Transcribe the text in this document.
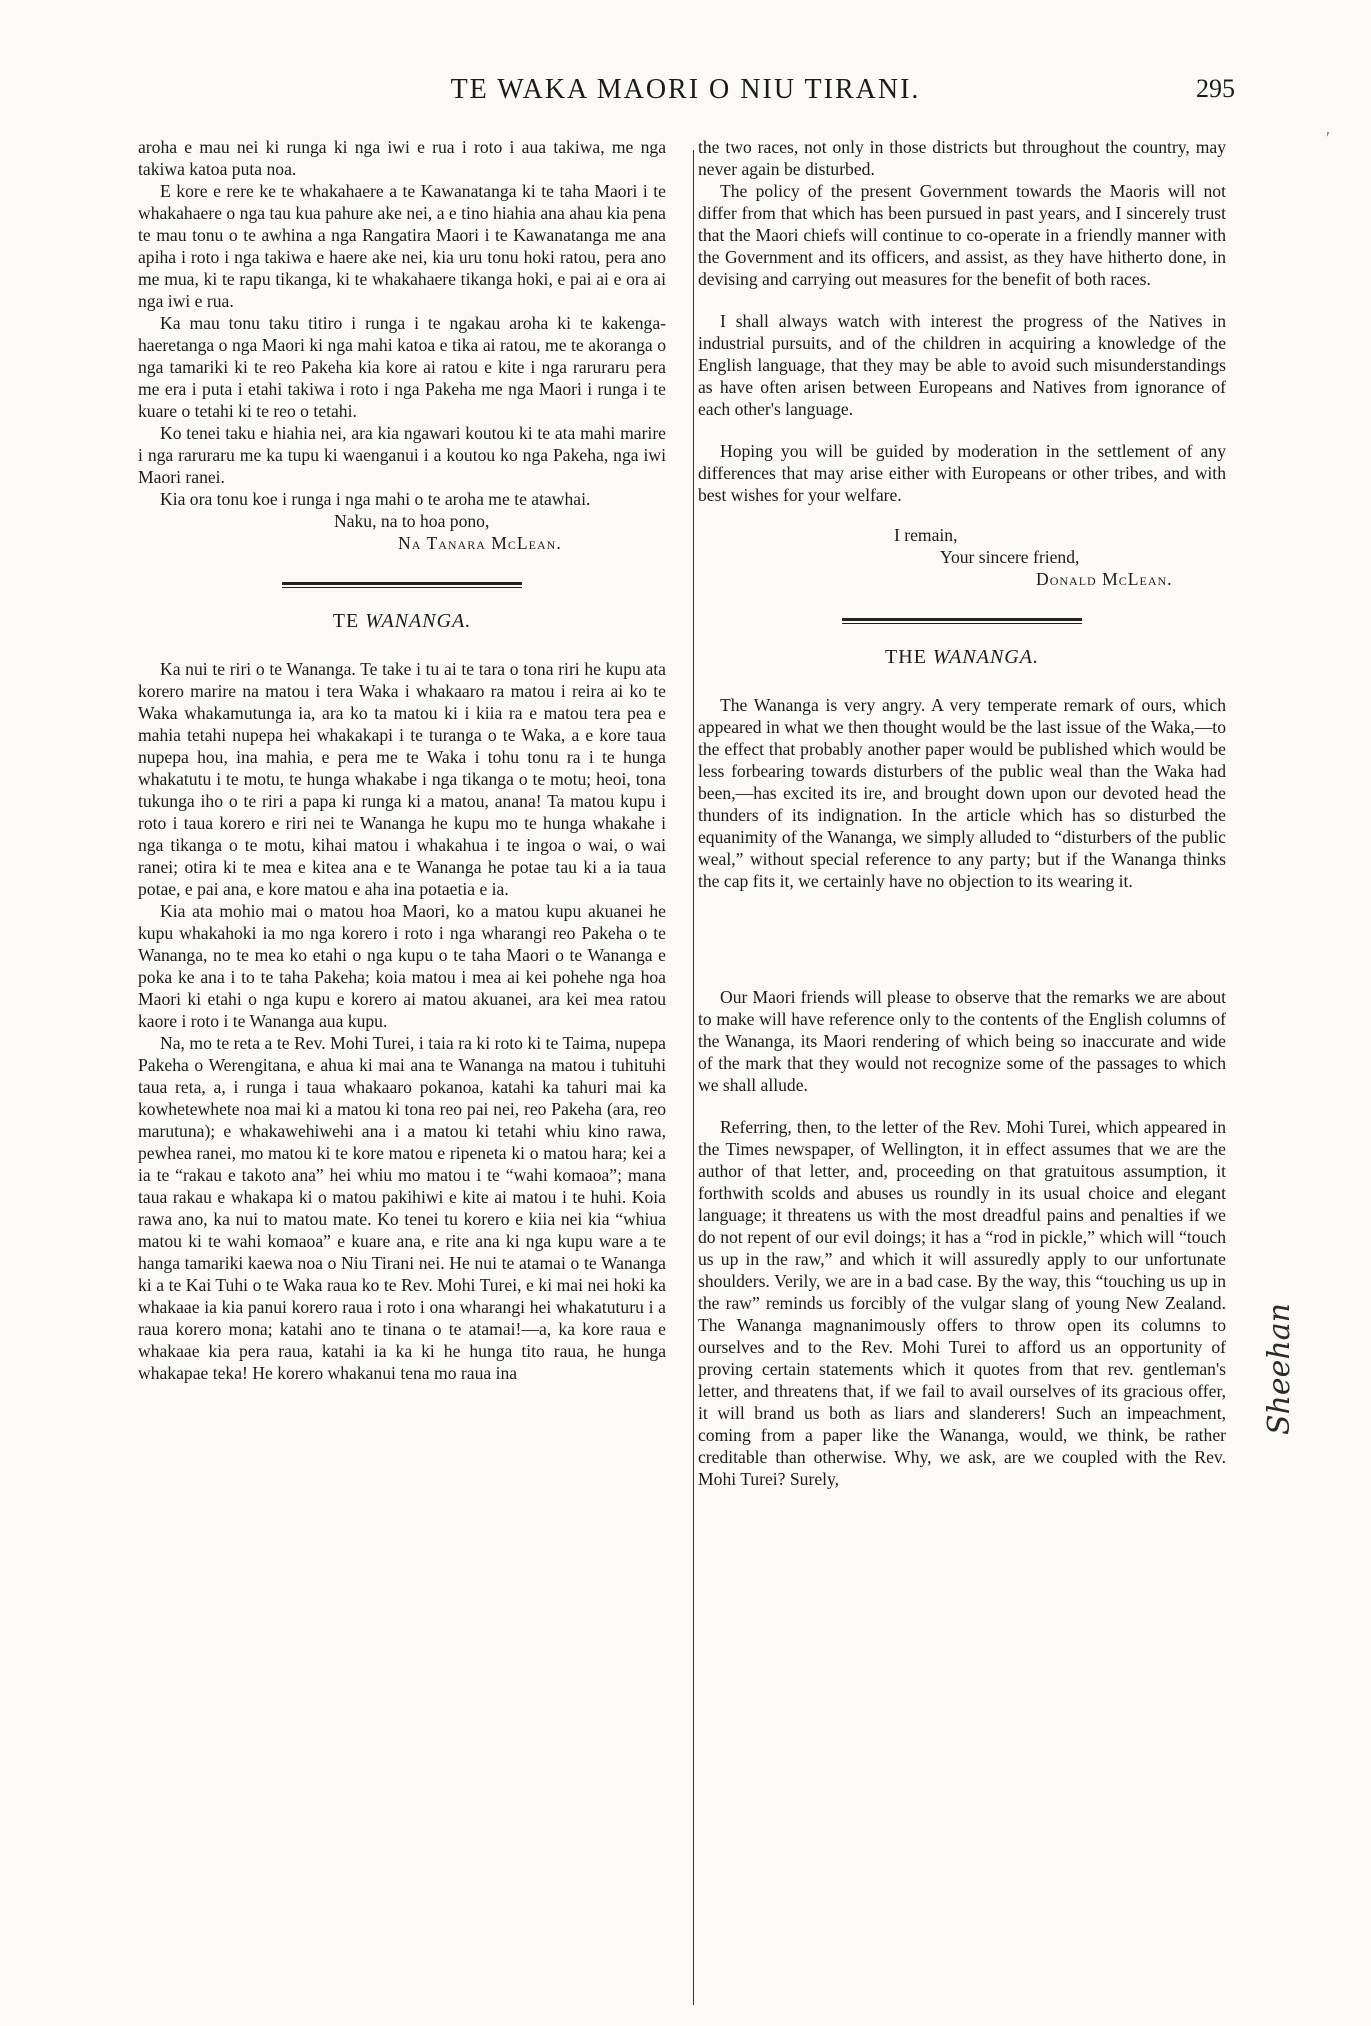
TE WAKA MAORI O NIU TIRANI.	295
′

aroha e mau nei ki runga ki nga iwi e rua i roto i aua takiwa, me nga takiwa katoa puta noa.

E kore e rere ke te whakahaere a te Kawanatanga ki te taha Maori i te whakahaere o nga tau kua pahure ake nei, a e tino hiahia ana ahau kia pena te mau tonu o te awhina a nga Rangatira Maori i te Kawanatanga me ana apiha i roto i nga takiwa e haere ake nei, kia uru tonu hoki ratou, pera ano me mua, ki te rapu tikanga, ki te whakahaere tikanga hoki, e pai ai e ora ai nga iwi e rua.

Ka mau tonu taku titiro i runga i te ngakau aroha ki te kakenga-haeretanga o nga Maori ki nga mahi katoa e tika ai ratou, me te akoranga o nga tamariki ki te reo Pakeha kia kore ai ratou e kite i nga raruraru pera me era i puta i etahi takiwa i roto i nga Pakeha me nga Maori i runga i te kuare o tetahi ki te reo o tetahi.

Ko tenei taku e hiahia nei, ara kia ngawari koutou ki te ata mahi marire i nga raruraru me ka tupu ki waenganui i a koutou ko nga Pakeha, nga iwi Maori ranei.

Kia ora tonu koe i runga i nga mahi o te aroha me te atawhai.

Naku, na to hoa pono,
Na Tanara McLean.
TE WANANGA.

Ka nui te riri o te Wananga. Te take i tu ai te tara o tona riri he kupu ata korero marire na matou i tera Waka i whakaaro ra matou i reira ai ko te Waka whakamutunga ia, ara ko ta matou ki i kiia ra e matou tera pea e mahia tetahi nupepa hei whakakapi i te turanga o te Waka, a e kore taua nupepa hou, ina mahia, e pera me te Waka i tohu tonu ra i te hunga whakatutu i te motu, te hunga whakabe i nga tikanga o te motu; heoi, tona tukunga iho o te riri a papa ki runga ki a matou, anana! Ta matou kupu i roto i taua korero e riri nei te Wananga he kupu mo te hunga whakahe i nga tikanga o te motu, kihai matou i whakahua i te ingoa o wai, o wai ranei; otira ki te mea e kitea ana e te Wananga he potae tau ki a ia taua potae, e pai ana, e kore matou e aha ina potaetia e ia.

Kia ata mohio mai o matou hoa Maori, ko a matou kupu akuanei he kupu whakahoki ia mo nga korero i roto i nga wharangi reo Pakeha o te Wananga, no te mea ko etahi o nga kupu o te taha Maori o te Wananga e poka ke ana i to te taha Pakeha; koia matou i mea ai kei pohehe nga hoa Maori ki etahi o nga kupu e korero ai matou akuanei, ara kei mea ratou kaore i roto i te Wananga aua kupu.

Na, mo te reta a te Rev. Mohi Turei, i taia ra ki roto ki te Taima, nupepa Pakeha o Werengitana, e ahua ki mai ana te Wananga na matou i tuhituhi taua reta, a, i runga i taua whakaaro pokanoa, katahi ka tahuri mai ka kowhetewhete noa mai ki a matou ki tona reo pai nei, reo Pakeha (ara, reo marutuna); e whakawehiwehi ana i a matou ki tetahi whiu kino rawa, pewhea ranei, mo matou ki te kore matou e ripeneta ki o matou hara; kei a ia te “rakau e takoto ana” hei whiu mo matou i te “wahi komaoa”; mana taua rakau e whakapa ki o matou pakihiwi e kite ai matou i te huhi. Koia rawa ano, ka nui to matou mate. Ko tenei tu korero e kiia nei kia “whiua matou ki te wahi komaoa” e kuare ana, e rite ana ki nga kupu ware a te hanga tamariki kaewa noa o Niu Tirani nei. He nui te atamai o te Wananga ki a te Kai Tuhi o te Waka raua ko te Rev. Mohi Turei, e ki mai nei hoki ka whakaae ia kia panui korero raua i roto i ona wharangi hei whakatuturu i a raua korero mona; katahi ano te tinana o te atamai!—a, ka kore raua e whakaae kia pera raua, katahi ia ka ki he hunga tito raua, he hunga whakapae teka! He korero whakanui tena mo raua ina

the two races, not only in those districts but throughout the country, may never again be disturbed.

The policy of the present Government towards the Maoris will not differ from that which has been pursued in past years, and I sincerely trust that the Maori chiefs will continue to co-operate in a friendly manner with the Government and its officers, and assist, as they have hitherto done, in devising and carrying out measures for the benefit of both races.

I shall always watch with interest the progress of the Natives in industrial pursuits, and of the children in acquiring a knowledge of the English language, that they may be able to avoid such misunderstandings as have often arisen between Europeans and Natives from ignorance of each other's language.

Hoping you will be guided by moderation in the settlement of any differences that may arise either with Europeans or other tribes, and with best wishes for your welfare.

I remain,
Your sincere friend,
Donald McLean.
THE WANANGA.

The Wananga is very angry. A very temperate remark of ours, which appeared in what we then thought would be the last issue of the Waka,—to the effect that probably another paper would be published which would be less forbearing towards disturbers of the public weal than the Waka had been,—has excited its ire, and brought down upon our devoted head the thunders of its indignation. In the article which has so disturbed the equanimity of the Wananga, we simply alluded to “disturbers of the public weal,” without special reference to any party; but if the Wananga thinks the cap fits it, we certainly have no objection to its wearing it.

Our Maori friends will please to observe that the remarks we are about to make will have reference only to the contents of the English columns of the Wananga, its Maori rendering of which being so inaccurate and wide of the mark that they would not recognize some of the passages to which we shall allude.

Referring, then, to the letter of the Rev. Mohi Turei, which appeared in the Times newspaper, of Wellington, it in effect assumes that we are the author of that letter, and, proceeding on that gratuitous assumption, it forthwith scolds and abuses us roundly in its usual choice and elegant language; it threatens us with the most dreadful pains and penalties if we do not repent of our evil doings; it has a “rod in pickle,” which will “touch us up in the raw,” and which it will assuredly apply to our unfortunate shoulders. Verily, we are in a bad case. By the way, this “touching us up in the raw” reminds us forcibly of the vulgar slang of young New Zealand. The Wananga magnanimously offers to throw open its columns to ourselves and to the Rev. Mohi Turei to afford us an opportunity of proving certain statements which it quotes from that rev. gentleman's letter, and threatens that, if we fail to avail ourselves of its gracious offer, it will brand us both as liars and slanderers! Such an impeachment, coming from a paper like the Wananga, would, we think, be rather creditable than otherwise. Why, we ask, are we coupled with the Rev. Mohi Turei? Surely,

Sheehan
